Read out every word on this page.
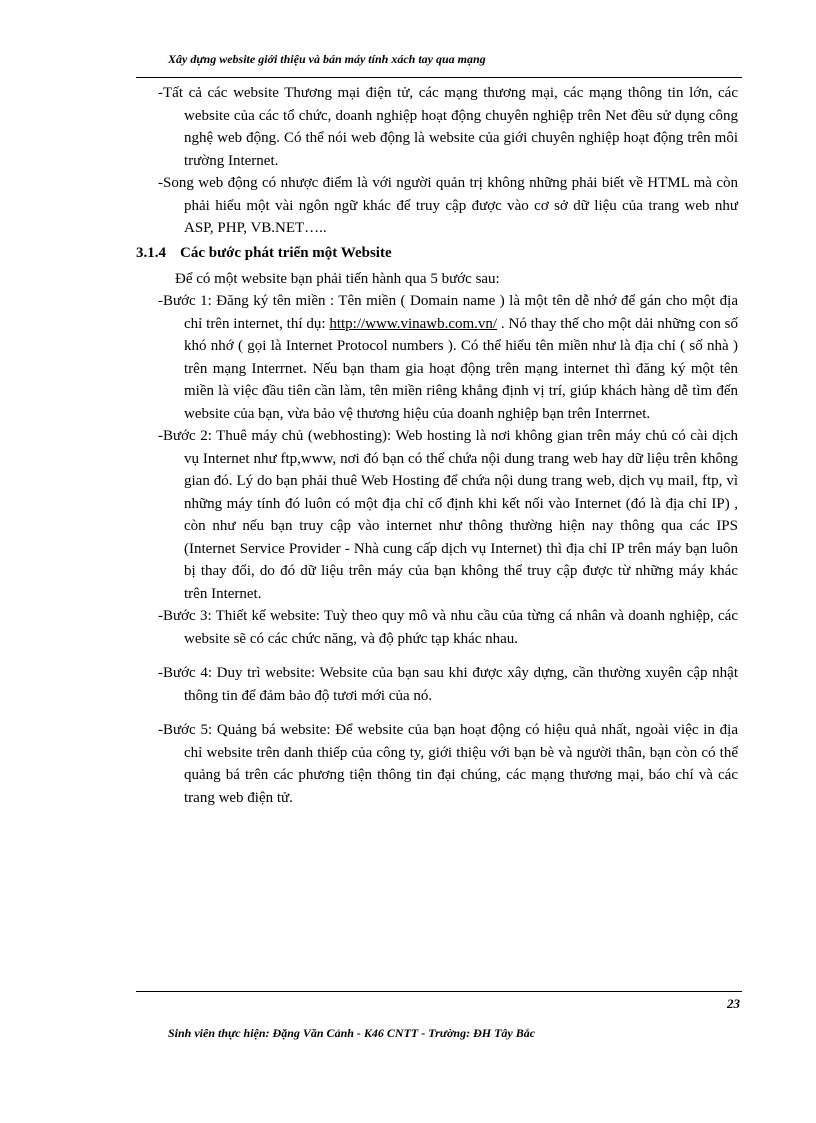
Xây dựng website giới thiệu và bán máy tính xách tay qua mạng

-Tất cả các website Thương mại điện tử, các mạng thương mại, các mạng thông tin lớn, các website của các tổ chức, doanh nghiệp hoạt động chuyên nghiệp trên Net đều sử dụng công nghệ web động. Có thể nói web động là website của giới chuyên nghiệp hoạt động trên môi trường Internet.

-Song web động có nhược điểm là với người quản trị không những phải biết về HTML mà còn phải hiểu một vài ngôn ngữ khác để truy cập được vào cơ sở dữ liệu của trang web như ASP, PHP, VB.NET…..

3.1.4 Các bước phát triển một Website

Để có một website bạn phải tiến hành qua 5 bước sau:

-Bước 1: Đăng ký tên miền : Tên miền ( Domain name ) là một tên dễ nhớ để gán cho một địa chỉ trên internet, thí dụ: http://www.vinawb.com.vn/ . Nó thay thế cho một dải những con số khó nhớ ( gọi là Internet Protocol numbers ). Có thể hiểu tên miền như là địa chỉ ( số nhà ) trên mạng Interrnet. Nếu bạn tham gia hoạt động trên mạng internet thì đăng ký một tên miền là việc đầu tiên cần làm, tên miền riêng khẳng định vị trí, giúp khách hàng dễ tìm đến website của bạn, vừa bảo vệ thương hiệu của doanh nghiệp bạn trên Interrnet.

-Bước 2: Thuê máy chủ (webhosting): Web hosting là nơi không gian trên máy chủ có cài dịch vụ Internet như ftp,www, nơi đó bạn có thể chứa nội dung trang web hay dữ liệu trên không gian đó. Lý do bạn phải thuê Web Hosting để chứa nội dung trang web, dịch vụ mail, ftp, vì những máy tính đó luôn có một địa chỉ cố định khi kết nối vào Internet (đó là địa chỉ IP) , còn như nếu bạn truy cập vào internet như thông thường hiện nay thông qua các IPS (Internet Service Provider - Nhà cung cấp dịch vụ Internet) thì địa chỉ IP trên máy bạn luôn bị thay đổi, do đó dữ liệu trên máy của bạn không thể truy cập được từ những máy khác trên Internet.

-Bước 3: Thiết kế website: Tuỳ theo quy mô và nhu cầu của từng cá nhân và doanh nghiệp, các website sẽ có các chức năng, và độ phức tạp khác nhau.

-Bước 4: Duy trì website: Website của bạn sau khi được xây dựng, cần thường xuyên cập nhật thông tin để đảm bảo độ tươi mới của nó.

-Bước 5: Quảng bá website: Để website của bạn hoạt động có hiệu quả nhất, ngoài việc in địa chỉ website trên danh thiếp của công ty, giới thiệu với bạn bè và người thân, bạn còn có thể quảng bá trên các phương tiện thông tin đại chúng, các mạng thương mại, báo chí và các trang web điện tử.

23
Sinh viên thực hiện: Đặng Văn Cảnh - K46 CNTT - Trường: ĐH Tây Bắc
